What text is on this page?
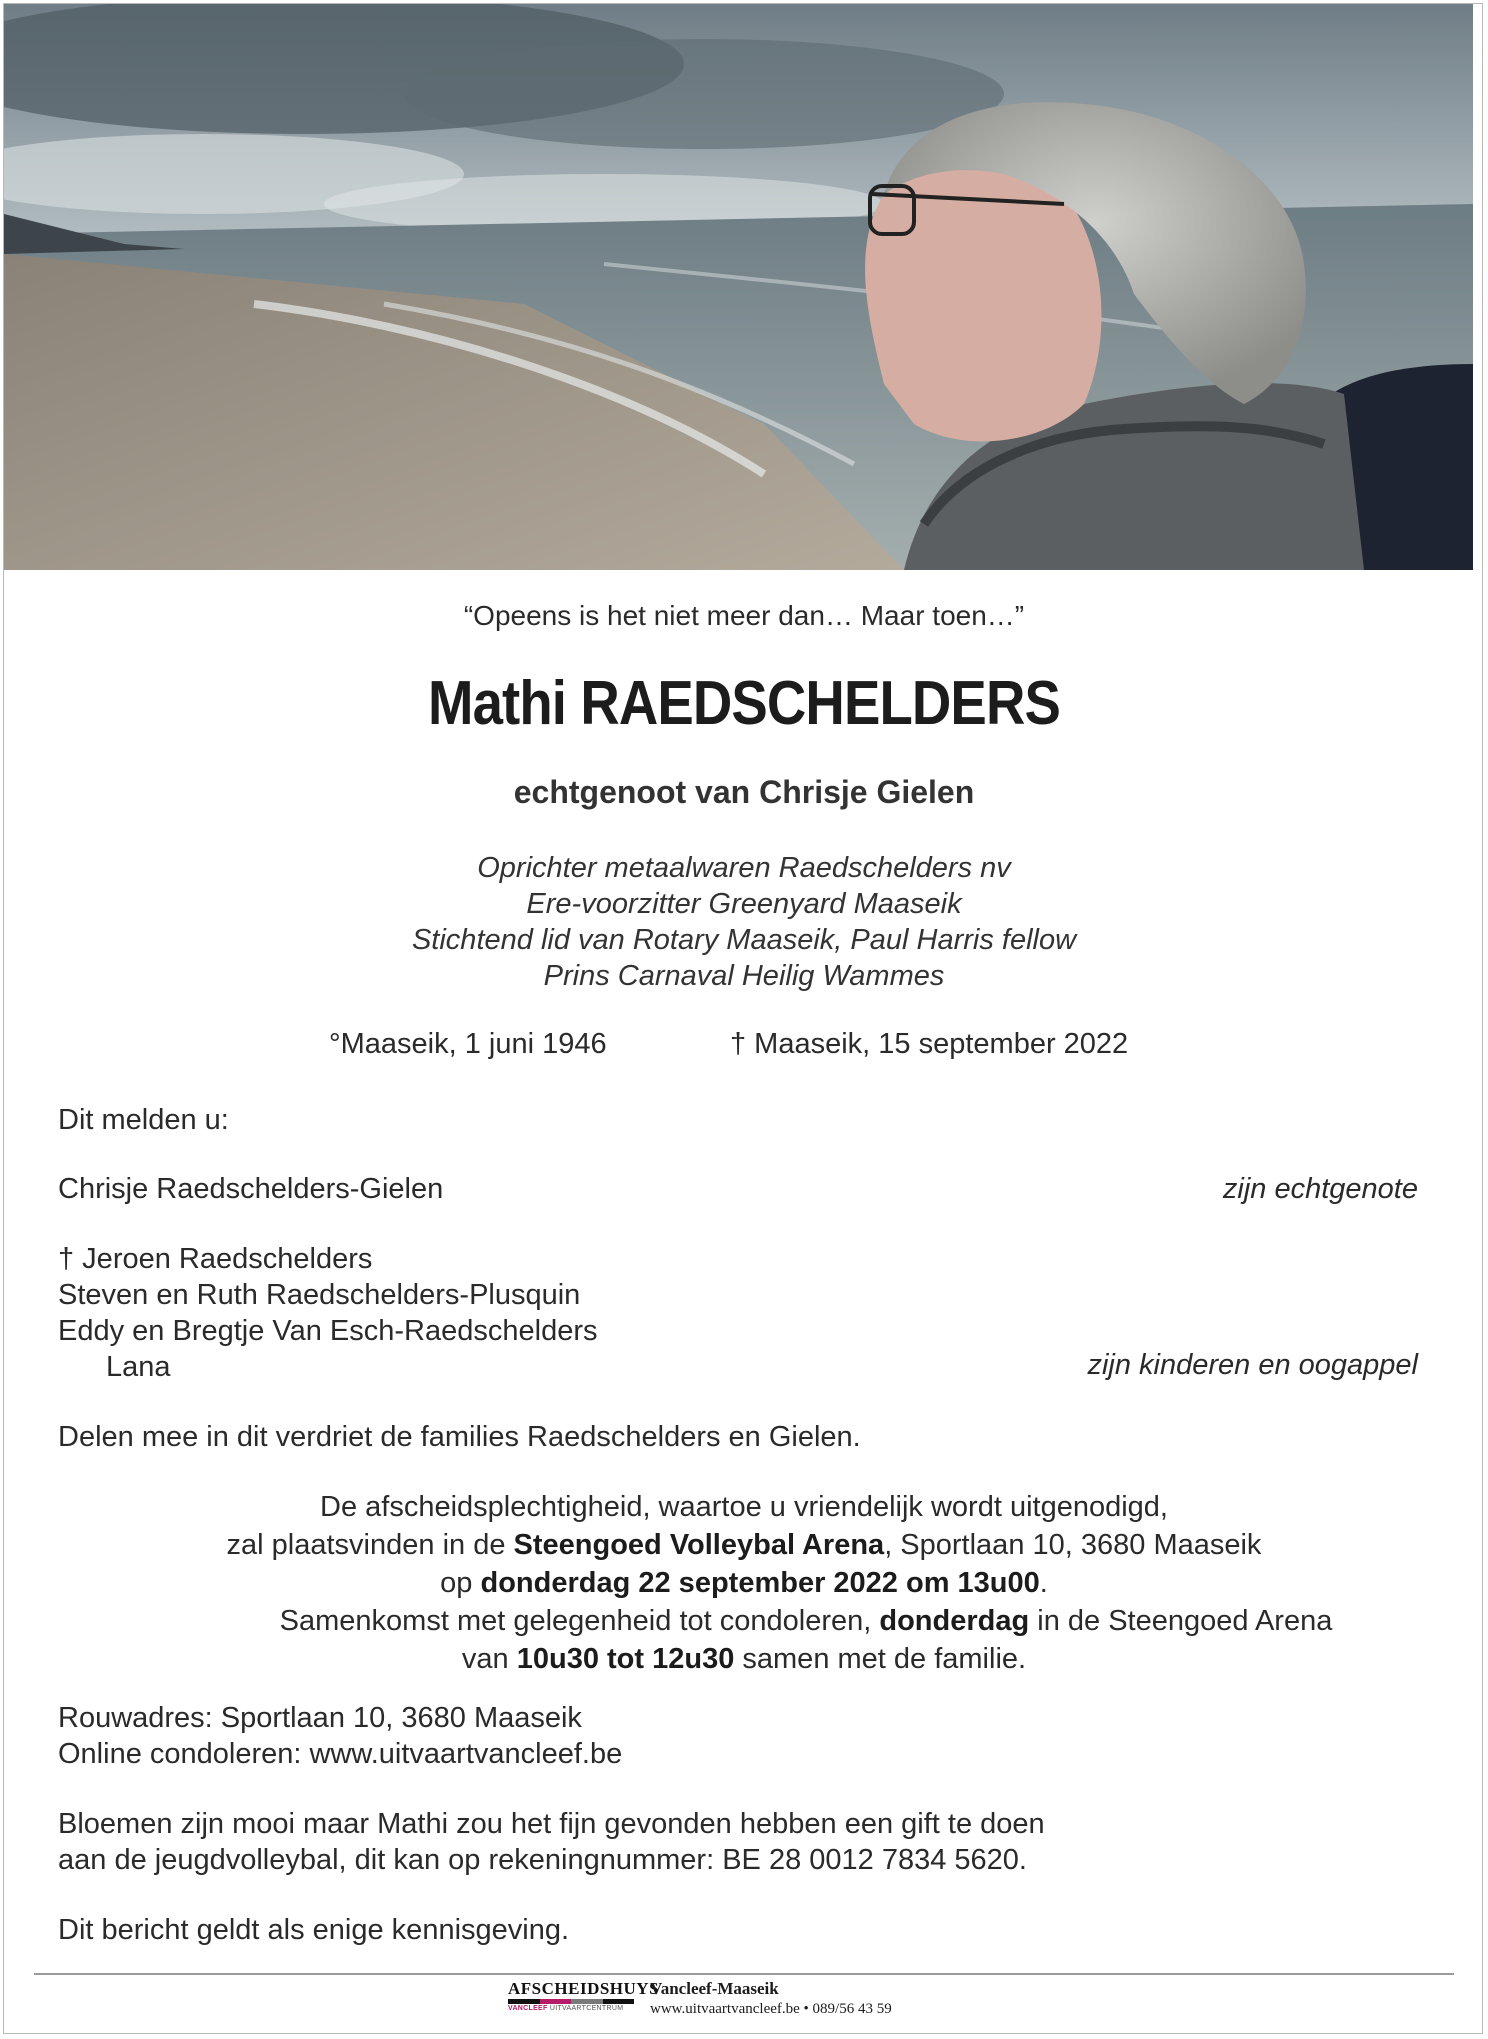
“Opeens is het niet meer dan… Maar toen…”
Mathi RAEDSCHELDERS
echtgenoot van Chrisje Gielen
Oprichter metaalwaren Raedschelders nv
Ere-voorzitter Greenyard Maaseik
Stichtend lid van Rotary Maaseik, Paul Harris fellow
Prins Carnaval Heilig Wammes
°Maaseik, 1 juni 1946	† Maaseik, 15 september 2022
Dit melden u:
Chrisje Raedschelders-Gielen	zijn echtgenote
† Jeroen Raedschelders
Steven en Ruth Raedschelders-Plusquin
Eddy en Bregtje Van Esch-Raedschelders
Lana	zijn kinderen en oogappel
Delen mee in dit verdriet de families Raedschelders en Gielen.
De afscheidsplechtigheid, waartoe u vriendelijk wordt uitgenodigd,
zal plaatsvinden in de Steengoed Volleybal Arena, Sportlaan 10, 3680 Maaseik
op donderdag 22 september 2022 om 13u00.
Samenkomst met gelegenheid tot condoleren, donderdag in de Steengoed Arena
van 10u30 tot 12u30 samen met de familie.
Rouwadres: Sportlaan 10, 3680 Maaseik
Online condoleren: www.uitvaartvancleef.be
Bloemen zijn mooi maar Mathi zou het fijn gevonden hebben een gift te doen
aan de jeugdvolleybal, dit kan op rekeningnummer: BE 28 0012 7834 5620.
Dit bericht geldt als enige kennisgeving.
AFSCHEIDSHUYS
VANCLEEF UITVAARTCENTRUM
Vancleef-Maaseik
www.uitvaartvancleef.be • 089/56 43 59
